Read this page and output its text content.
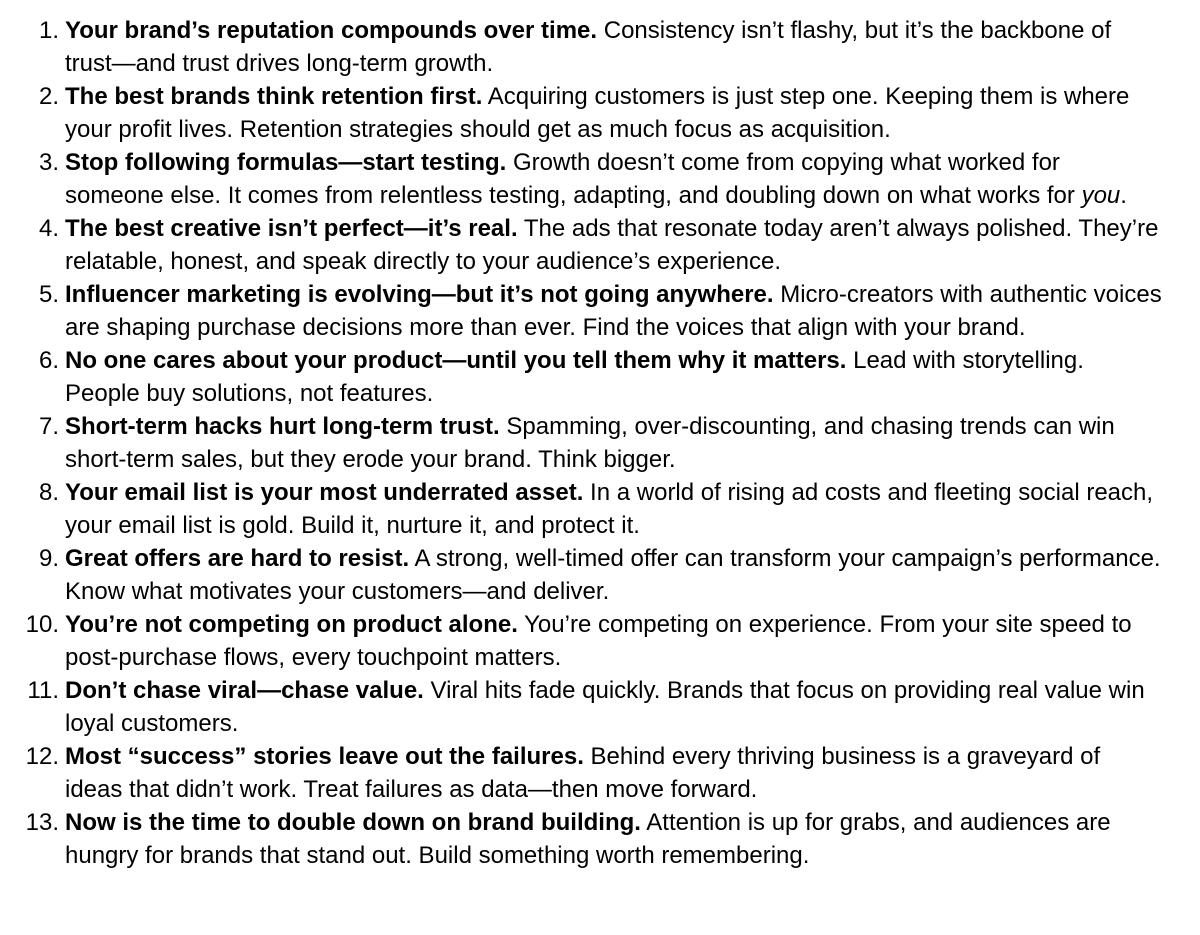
1. Your brand’s reputation compounds over time. Consistency isn’t flashy, but it’s the backbone of trust—and trust drives long-term growth.
2. The best brands think retention first. Acquiring customers is just step one. Keeping them is where your profit lives. Retention strategies should get as much focus as acquisition.
3. Stop following formulas—start testing. Growth doesn’t come from copying what worked for someone else. It comes from relentless testing, adapting, and doubling down on what works for you.
4. The best creative isn’t perfect—it’s real. The ads that resonate today aren’t always polished. They’re relatable, honest, and speak directly to your audience’s experience.
5. Influencer marketing is evolving—but it’s not going anywhere. Micro-creators with authentic voices are shaping purchase decisions more than ever. Find the voices that align with your brand.
6. No one cares about your product—until you tell them why it matters. Lead with storytelling. People buy solutions, not features.
7. Short-term hacks hurt long-term trust. Spamming, over-discounting, and chasing trends can win short-term sales, but they erode your brand. Think bigger.
8. Your email list is your most underrated asset. In a world of rising ad costs and fleeting social reach, your email list is gold. Build it, nurture it, and protect it.
9. Great offers are hard to resist. A strong, well-timed offer can transform your campaign’s performance. Know what motivates your customers—and deliver.
10. You’re not competing on product alone. You’re competing on experience. From your site speed to post-purchase flows, every touchpoint matters.
11. Don’t chase viral—chase value. Viral hits fade quickly. Brands that focus on providing real value win loyal customers.
12. Most “success” stories leave out the failures. Behind every thriving business is a graveyard of ideas that didn’t work. Treat failures as data—then move forward.
13. Now is the time to double down on brand building. Attention is up for grabs, and audiences are hungry for brands that stand out. Build something worth remembering.
